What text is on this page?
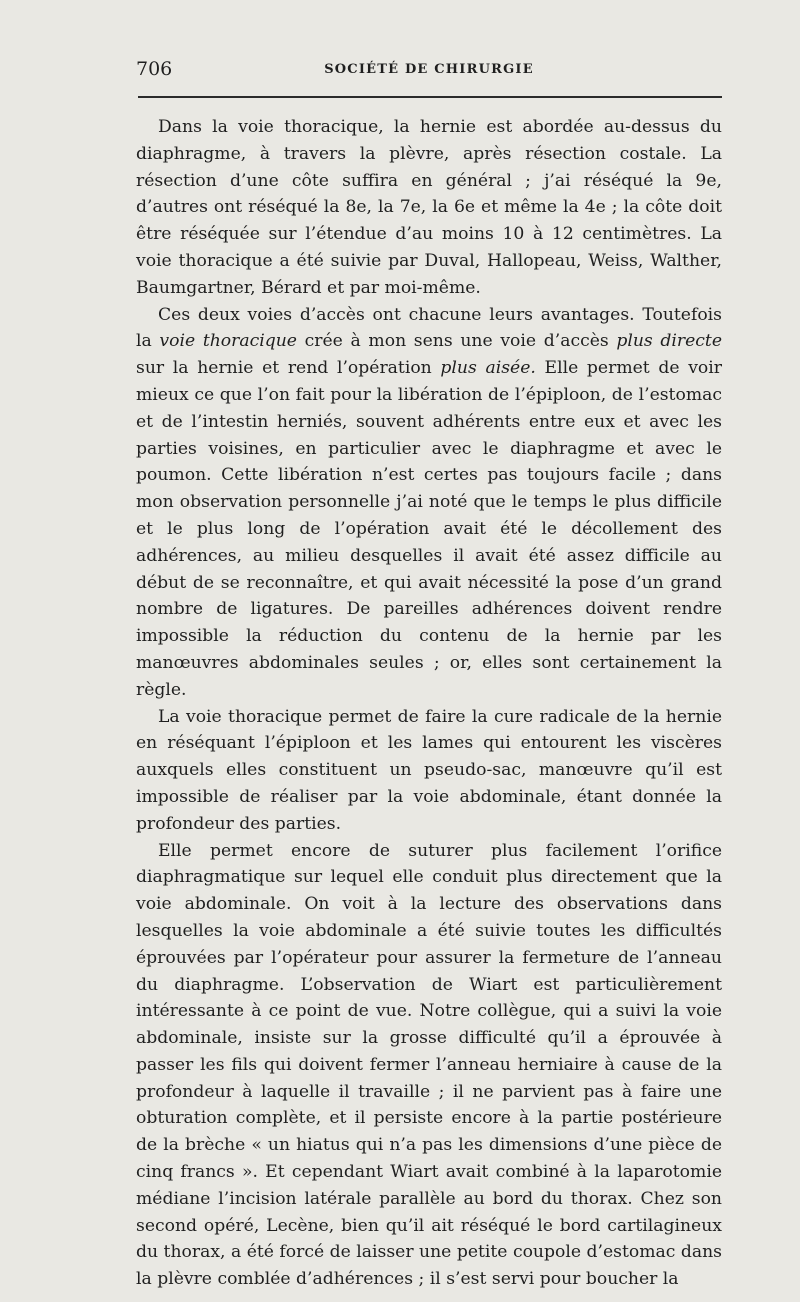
706	SOCIÉTÉ DE CHIRURGIE

Dans la voie thoracique, la hernie est abordée au-dessus du diaphragme, à travers la plèvre, après résection costale. La résection d’une côte suffira en général ; j’ai réséqué la 9e, d’autres ont réséqué la 8e, la 7e, la 6e et même la 4e ; la côte doit être réséquée sur l’étendue d’au moins 10 à 12 centimètres. La voie thoracique a été suivie par Duval, Hallopeau, Weiss, Walther, Baumgartner, Bérard et par moi-même.

Ces deux voies d’accès ont chacune leurs avantages. Toutefois la voie thoracique crée à mon sens une voie d’accès plus directe sur la hernie et rend l’opération plus aisée. Elle permet de voir mieux ce que l’on fait pour la libération de l’épiploon, de l’estomac et de l’intestin herniés, souvent adhérents entre eux et avec les parties voisines, en particulier avec le diaphragme et avec le poumon. Cette libération n’est certes pas toujours facile ; dans mon observation personnelle j’ai noté que le temps le plus difficile et le plus long de l’opération avait été le décollement des adhérences, au milieu desquelles il avait été assez difficile au début de se reconnaître, et qui avait nécessité la pose d’un grand nombre de ligatures. De pareilles adhérences doivent rendre impossible la réduction du contenu de la hernie par les manœuvres abdominales seules ; or, elles sont certainement la règle.

La voie thoracique permet de faire la cure radicale de la hernie en réséquant l’épiploon et les lames qui entourent les viscères auxquels elles constituent un pseudo-sac, manœuvre qu’il est impossible de réaliser par la voie abdominale, étant donnée la profondeur des parties.

Elle permet encore de suturer plus facilement l’orifice diaphragmatique sur lequel elle conduit plus directement que la voie abdominale. On voit à la lecture des observations dans lesquelles la voie abdominale a été suivie toutes les difficultés éprouvées par l’opérateur pour assurer la fermeture de l’anneau du diaphragme. L’observation de Wiart est particulièrement intéressante à ce point de vue. Notre collègue, qui a suivi la voie abdominale, insiste sur la grosse difficulté qu’il a éprouvée à passer les fils qui doivent fermer l’anneau herniaire à cause de la profondeur à laquelle il travaille ; il ne parvient pas à faire une obturation complète, et il persiste encore à la partie postérieure de la brèche « un hiatus qui n’a pas les dimensions d’une pièce de cinq francs ». Et cependant Wiart avait combiné à la laparotomie médiane l’incision latérale parallèle au bord du thorax. Chez son second opéré, Lecène, bien qu’il ait réséqué le bord cartilagineux du thorax, a été forcé de laisser une petite coupole d’estomac dans la plèvre comblée d’adhérences ; il s’est servi pour boucher la
